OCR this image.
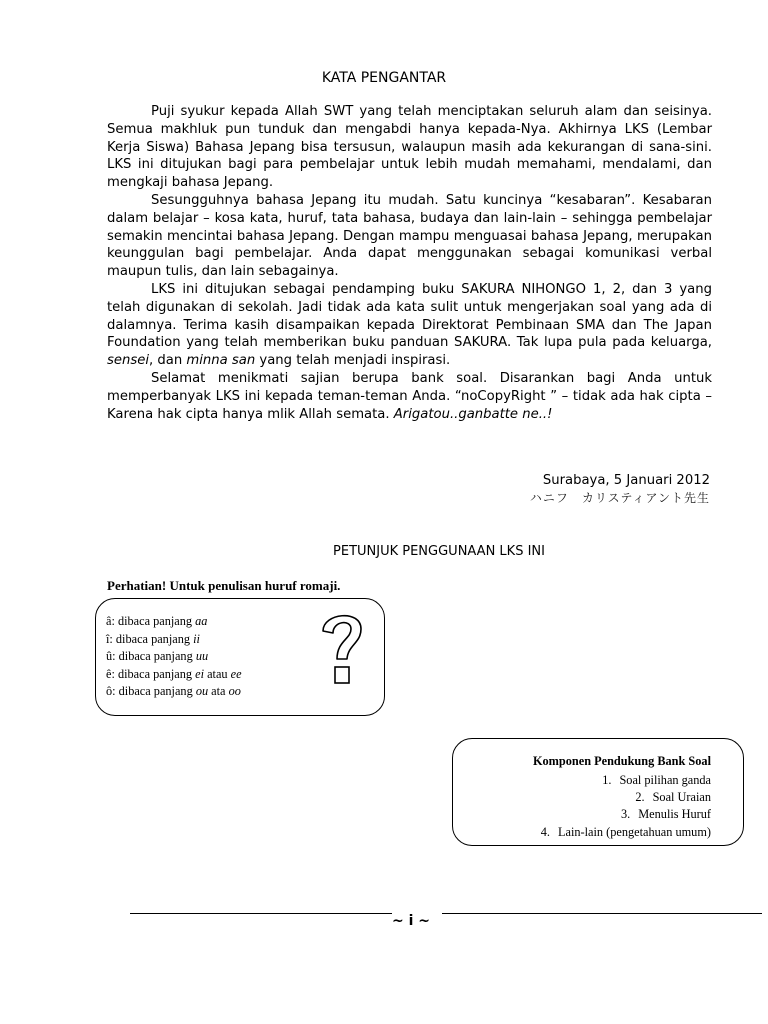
KATA PENGANTAR

Puji syukur kepada Allah SWT yang telah menciptakan seluruh alam dan seisinya. Semua makhluk pun tunduk dan mengabdi hanya kepada-Nya. Akhirnya LKS (Lembar Kerja Siswa) Bahasa Jepang bisa tersusun, walaupun masih ada kekurangan di sana-sini. LKS ini ditujukan bagi para pembelajar untuk lebih mudah memahami, mendalami, dan mengkaji bahasa Jepang.

Sesungguhnya bahasa Jepang itu mudah. Satu kuncinya “kesabaran”. Kesabaran dalam belajar – kosa kata, huruf, tata bahasa, budaya dan lain-lain – sehingga pembelajar semakin mencintai bahasa Jepang. Dengan mampu menguasai bahasa Jepang, merupakan keunggulan bagi pembelajar. Anda dapat menggunakan sebagai komunikasi verbal maupun tulis, dan lain sebagainya.

LKS ini ditujukan sebagai pendamping buku SAKURA NIHONGO 1, 2, dan 3 yang telah digunakan di sekolah. Jadi tidak ada kata sulit untuk mengerjakan soal yang ada di dalamnya. Terima kasih disampaikan kepada Direktorat Pembinaan SMA dan The Japan Foundation yang telah memberikan buku panduan SAKURA. Tak lupa pula pada keluarga, sensei, dan minna san yang telah menjadi inspirasi.

Selamat menikmati sajian berupa bank soal. Disarankan bagi Anda untuk memperbanyak LKS ini kepada teman-teman Anda. “noCopyRight ” – tidak ada hak cipta – Karena hak cipta hanya mlik Allah semata. Arigatou..ganbatte ne..!

Surabaya, 5 Januari 2012
ハニフ　カリスティアント先生
PETUNJUK PENGGUNAAN LKS INI
Perhatian! Untuk penulisan huruf romaji.
â: dibaca panjang aa
î: dibaca panjang ii
û: dibaca panjang uu
ê: dibaca panjang ei atau ee
ô: dibaca panjang ou ata oo
Komponen Pendukung Bank Soal
1. Soal pilihan ganda
2. Soal Uraian
3. Menulis Huruf
4. Lain-lain (pengetahuan umum)
~ i ~
